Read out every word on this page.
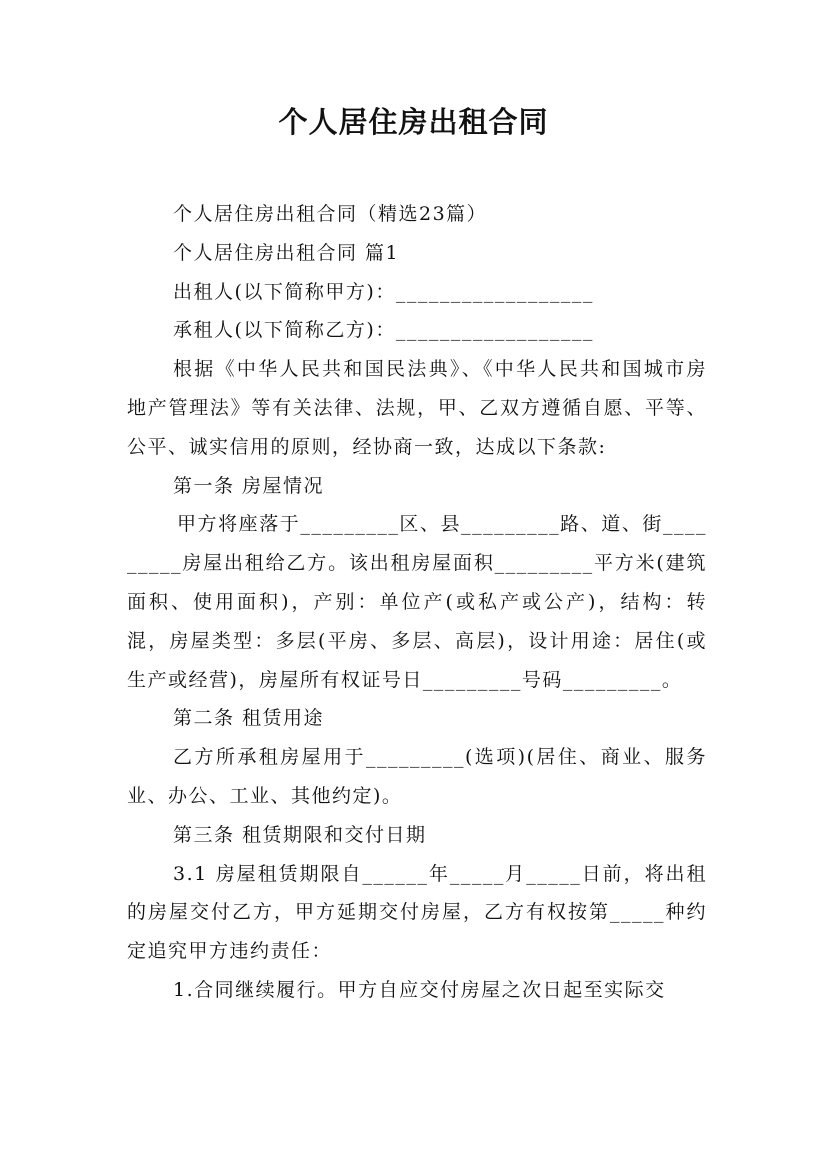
个人居住房出租合同

个人居住房出租合同（精选23篇）

个人居住房出租合同 篇1

出租人(以下简称甲方)：__________________

承租人(以下简称乙方)：__________________

根据《中华人民共和国民法典》、《中华人民共和国城市房地产管理法》等有关法律、法规，甲、乙双方遵循自愿、平等、公平、诚实信用的原则，经协商一致，达成以下条款:

第一条 房屋情况

甲方将座落于_________区、县_________路、道、街_________房屋出租给乙方。该出租房屋面积_________平方米(建筑面积、使用面积)，产别：单位产(或私产或公产)，结构：转混，房屋类型：多层(平房、多层、高层)，设计用途：居住(或生产或经营)，房屋所有权证号日_________号码_________。

第二条 租赁用途

乙方所承租房屋用于_________(选项)(居住、商业、服务业、办公、工业、其他约定)。

第三条 租赁期限和交付日期

3.1 房屋租赁期限自______年_____月_____日前，将出租的房屋交付乙方，甲方延期交付房屋，乙方有权按第_____种约定追究甲方违约责任：

1.合同继续履行。甲方自应交付房屋之次日起至实际交
